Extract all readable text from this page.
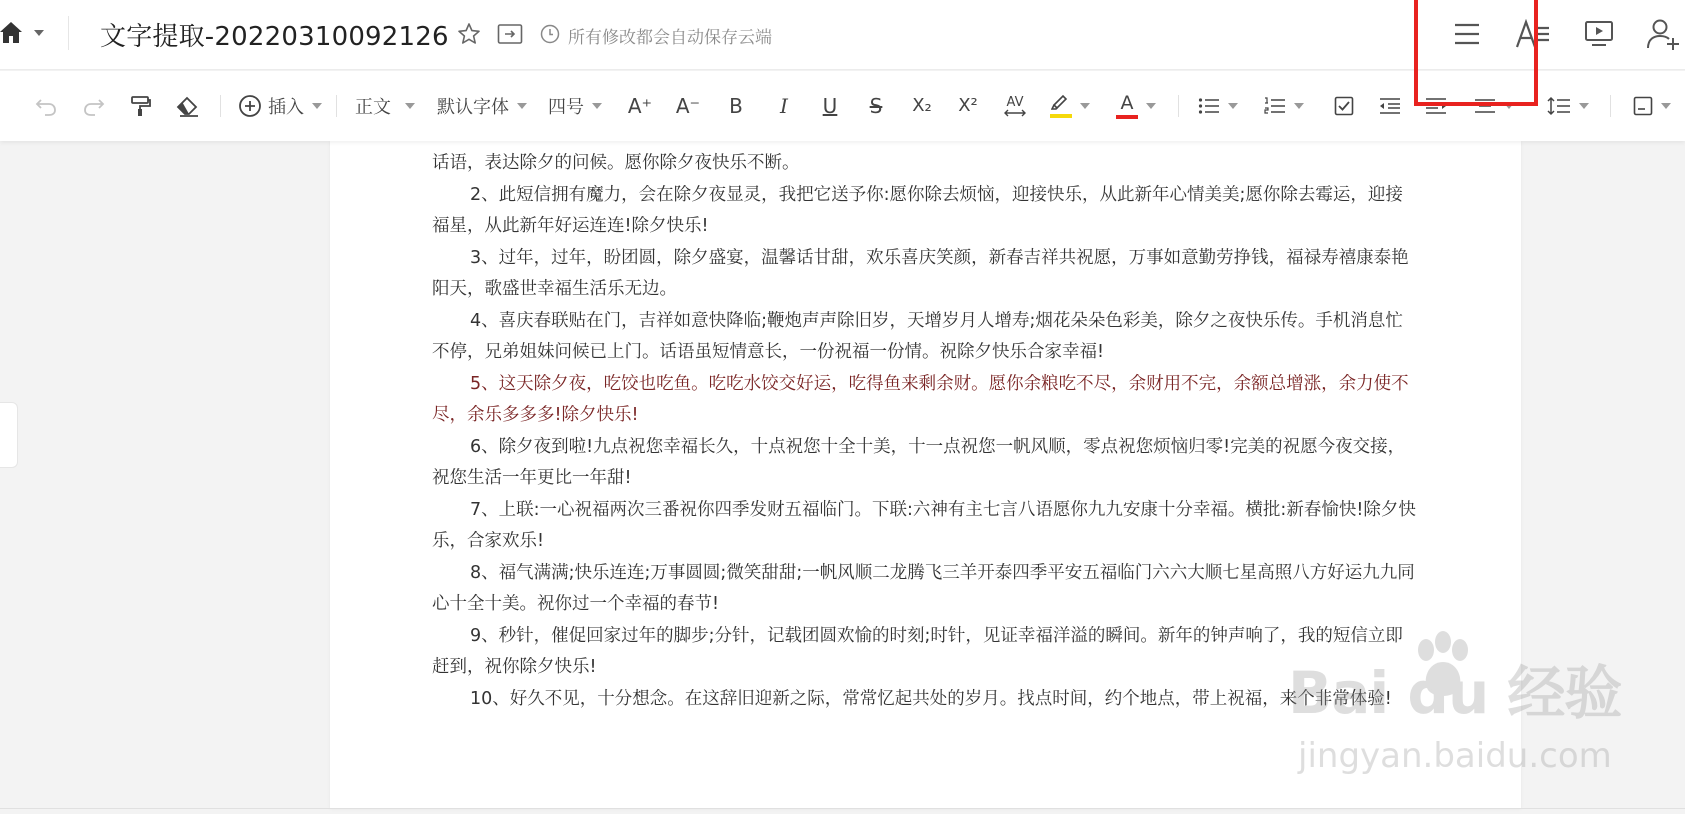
文字提取-20220310092126	所有修改都会自动保存云端
插入	正文	默认字体 四号 A⁺ A⁻ B I U S X₂ X² AV	A

话语，表达除夕的问候。愿你除夕夜快乐不断。

2、此短信拥有魔力，会在除夕夜显灵，我把它送予你:愿你除去烦恼，迎接快乐，从此新年心情美美;愿你除去霉运，迎接福星，从此新年好运连连!除夕快乐!

3、过年，过年，盼团圆，除夕盛宴，温馨话甘甜，欢乐喜庆笑颜，新春吉祥共祝愿，万事如意勤劳挣钱，福禄寿禧康泰艳阳天，歌盛世幸福生活乐无边。

4、喜庆春联贴在门，吉祥如意快降临;鞭炮声声除旧岁，天增岁月人增寿;烟花朵朵色彩美，除夕之夜快乐传。手机消息忙不停，兄弟姐妹问候已上门。话语虽短情意长，一份祝福一份情。祝除夕快乐合家幸福!

5、这天除夕夜，吃饺也吃鱼。吃吃水饺交好运，吃得鱼来剩余财。愿你余粮吃不尽，余财用不完，余额总增涨，余力使不尽，余乐多多多!除夕快乐!

6、除夕夜到啦!九点祝您幸福长久，十点祝您十全十美，十一点祝您一帆风顺，零点祝您烦恼归零!完美的祝愿今夜交接，祝您生活一年更比一年甜!

7、上联:一心祝福两次三番祝你四季发财五福临门。下联:六神有主七言八语愿你九九安康十分幸福。横批:新春愉快!除夕快乐，合家欢乐!

8、福气满满;快乐连连;万事圆圆;微笑甜甜;一帆风顺二龙腾飞三羊开泰四季平安五福临门六六大顺七星高照八方好运九九同心十全十美。祝你过一个幸福的春节!

9、秒针，催促回家过年的脚步;分针，记载团圆欢愉的时刻;时针，见证幸福洋溢的瞬间。新年的钟声响了，我的短信立即赶到，祝你除夕快乐!

10、好久不见，十分想念。在这辞旧迎新之际，常常忆起共处的岁月。找点时间，约个地点，带上祝福，来个非常体验!

Bai du 经验
jingyan.baidu.com
